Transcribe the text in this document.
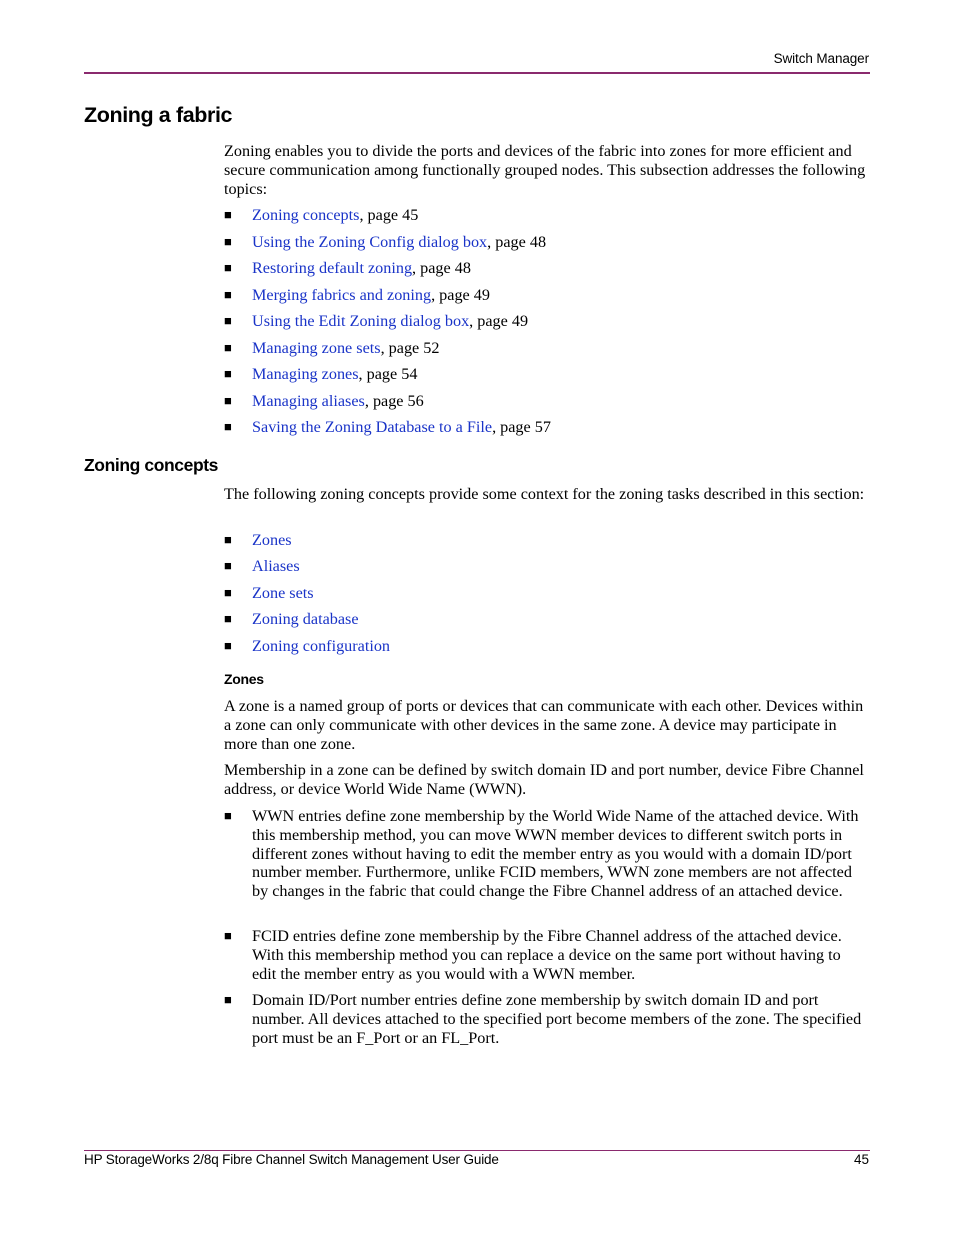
Switch Manager
Zoning a fabric

Zoning enables you to divide the ports and devices of the fabric into zones for more efficient and secure communication among functionally grouped nodes. This subsection addresses the following topics:

■ Zoning concepts, page 45
■ Using the Zoning Config dialog box, page 48
■ Restoring default zoning, page 48
■ Merging fabrics and zoning, page 49
■ Using the Edit Zoning dialog box, page 49
■ Managing zone sets, page 52
■ Managing zones, page 54
■ Managing aliases, page 56
■ Saving the Zoning Database to a File, page 57
Zoning concepts

The following zoning concepts provide some context for the zoning tasks described in this section:

■ Zones
■ Aliases
■ Zone sets
■ Zoning database
■ Zoning configuration
Zones

A zone is a named group of ports or devices that can communicate with each other. Devices within a zone can only communicate with other devices in the same zone. A device may participate in more than one zone.

Membership in a zone can be defined by switch domain ID and port number, device Fibre Channel address, or device World Wide Name (WWN).

■ WWN entries define zone membership by the World Wide Name of the attached device. With this membership method, you can move WWN member devices to different switch ports in different zones without having to edit the member entry as you would with a domain ID/port number member. Furthermore, unlike FCID members, WWN zone members are not affected by changes in the fabric that could change the Fibre Channel address of an attached device.
■ FCID entries define zone membership by the Fibre Channel address of the attached device. With this membership method you can replace a device on the same port without having to edit the member entry as you would with a WWN member.
■ Domain ID/Port number entries define zone membership by switch domain ID and port number. All devices attached to the specified port become members of the zone. The specified port must be an F_Port or an FL_Port.
HP StorageWorks 2/8q Fibre Channel Switch Management User Guide	45
